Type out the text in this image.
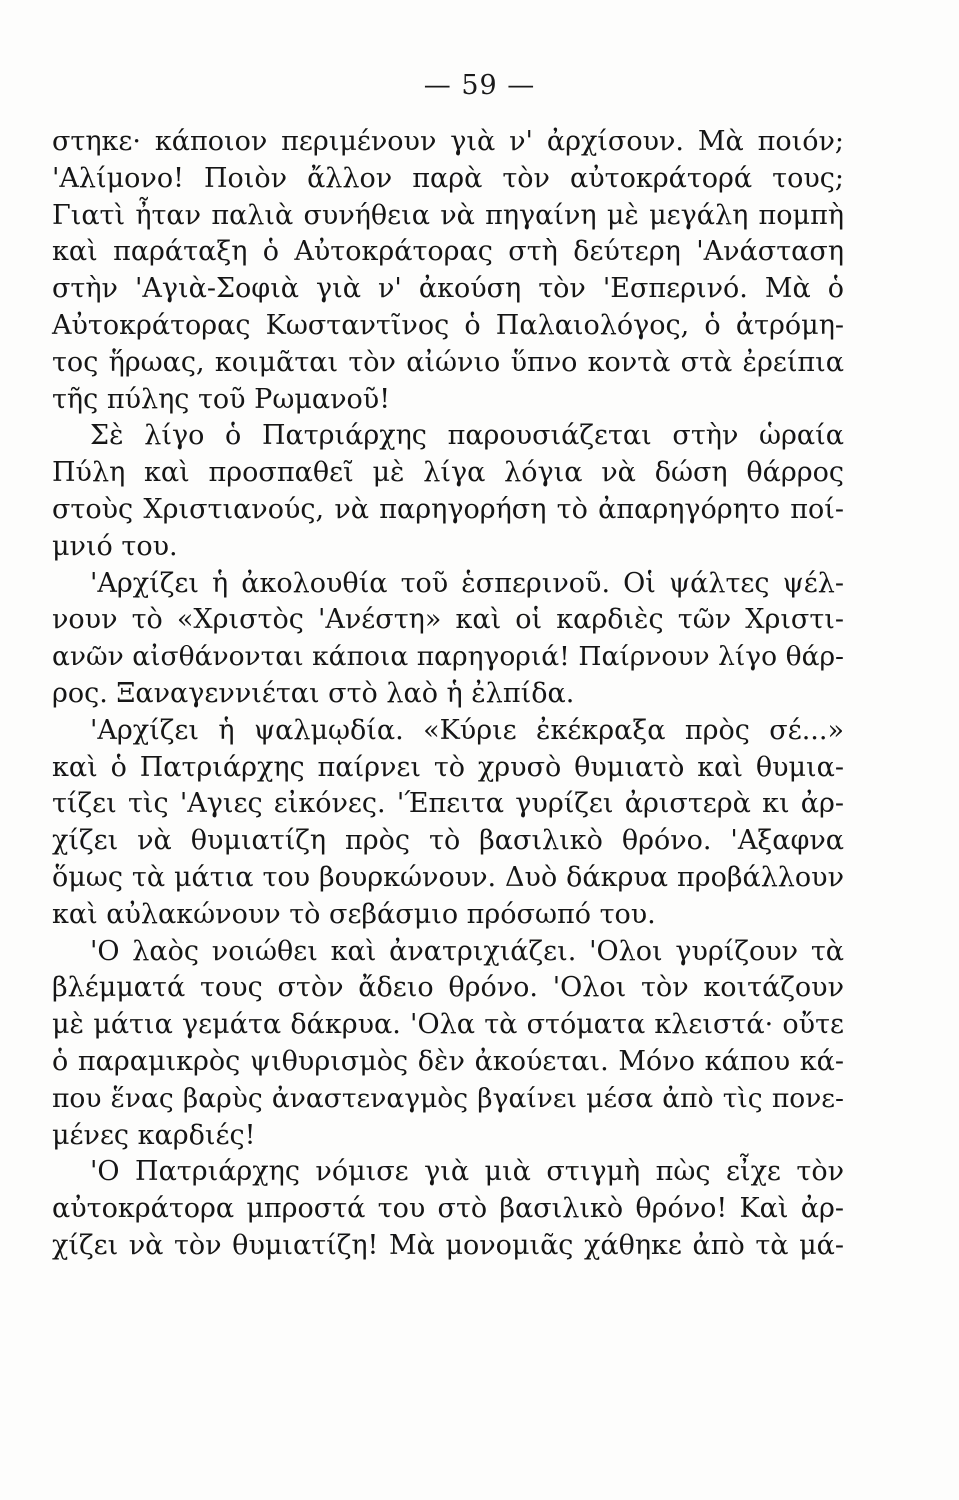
— 59 —
στηκε· κάποιον περιμένουν γιὰ ν' ἀρχίσουν. Μὰ ποιόν;
'Αλίμονο! Ποιὸν ἄλλον παρὰ τὸν αὐτοκράτορά τους;
Γιατὶ ἦταν παλιὰ συνήθεια νὰ πηγαίνη μὲ μεγάλη πομπὴ
καὶ παράταξη ὁ Αὐτοκράτορας στὴ δεύτερη 'Ανάσταση
στὴν 'Αγιὰ-Σοφιὰ γιὰ ν' ἀκούση τὸν 'Εσπερινό. Μὰ ὁ
Αὐτοκράτορας Κωσταντῖνος ὁ Παλαιολόγος, ὁ ἀτρόμη-
τος ἥρωας, κοιμᾶται τὸν αἰώνιο ὕπνο κοντὰ στὰ ἐρείπια
τῆς πύλης τοῦ Ρωμανοῦ!
Σὲ λίγο ὁ Πατριάρχης παρουσιάζεται στὴν ὡραία
Πύλη καὶ προσπαθεῖ μὲ λίγα λόγια νὰ δώση θάρρος
στοὺς Χριστιανούς, νὰ παρηγορήση τὸ ἀπαρηγόρητο ποί-
μνιό του.
'Αρχίζει ἡ ἀκολουθία τοῦ ἑσπερινοῦ. Οἱ ψάλτες ψέλ-
νουν τὸ «Χριστὸς 'Ανέστη» καὶ οἱ καρδιὲς τῶν Χριστι-
ανῶν αἰσθάνονται κάποια παρηγοριά! Παίρνουν λίγο θάρ-
ρος. Ξαναγεννιέται στὸ λαὸ ἡ ἐλπίδα.
'Αρχίζει ἡ ψαλμῳδία. «Κύριε ἐκέκραξα πρὸς σέ...»
καὶ ὁ Πατριάρχης παίρνει τὸ χρυσὸ θυμιατὸ καὶ θυμια-
τίζει τὶς 'Αγιες εἰκόνες. 'Έπειτα γυρίζει ἀριστερὰ κι ἀρ-
χίζει νὰ θυμιατίζη πρὸς τὸ βασιλικὸ θρόνο. 'Αξαφνα
ὅμως τὰ μάτια του βουρκώνουν. Δυὸ δάκρυα προβάλλουν
καὶ αὐλακώνουν τὸ σεβάσμιο πρόσωπό του.
'Ο λαὸς νοιώθει καὶ ἀνατριχιάζει. 'Ολοι γυρίζουν τὰ
βλέμματά τους στὸν ἄδειο θρόνο. 'Ολοι τὸν κοιτάζουν
μὲ μάτια γεμάτα δάκρυα. 'Ολα τὰ στόματα κλειστά· οὔτε
ὁ παραμικρὸς ψιθυρισμὸς δὲν ἀκούεται. Μόνο κάπου κά-
που ἕνας βαρὺς ἀναστεναγμὸς βγαίνει μέσα ἀπὸ τὶς πονε-
μένες καρδιές!
'Ο Πατριάρχης νόμισε γιὰ μιὰ στιγμὴ πὼς εἶχε τὸν
αὐτοκράτορα μπροστά του στὸ βασιλικὸ θρόνο! Καὶ ἀρ-
χίζει νὰ τὸν θυμιατίζη! Μὰ μονομιᾶς χάθηκε ἀπὸ τὰ μά-
